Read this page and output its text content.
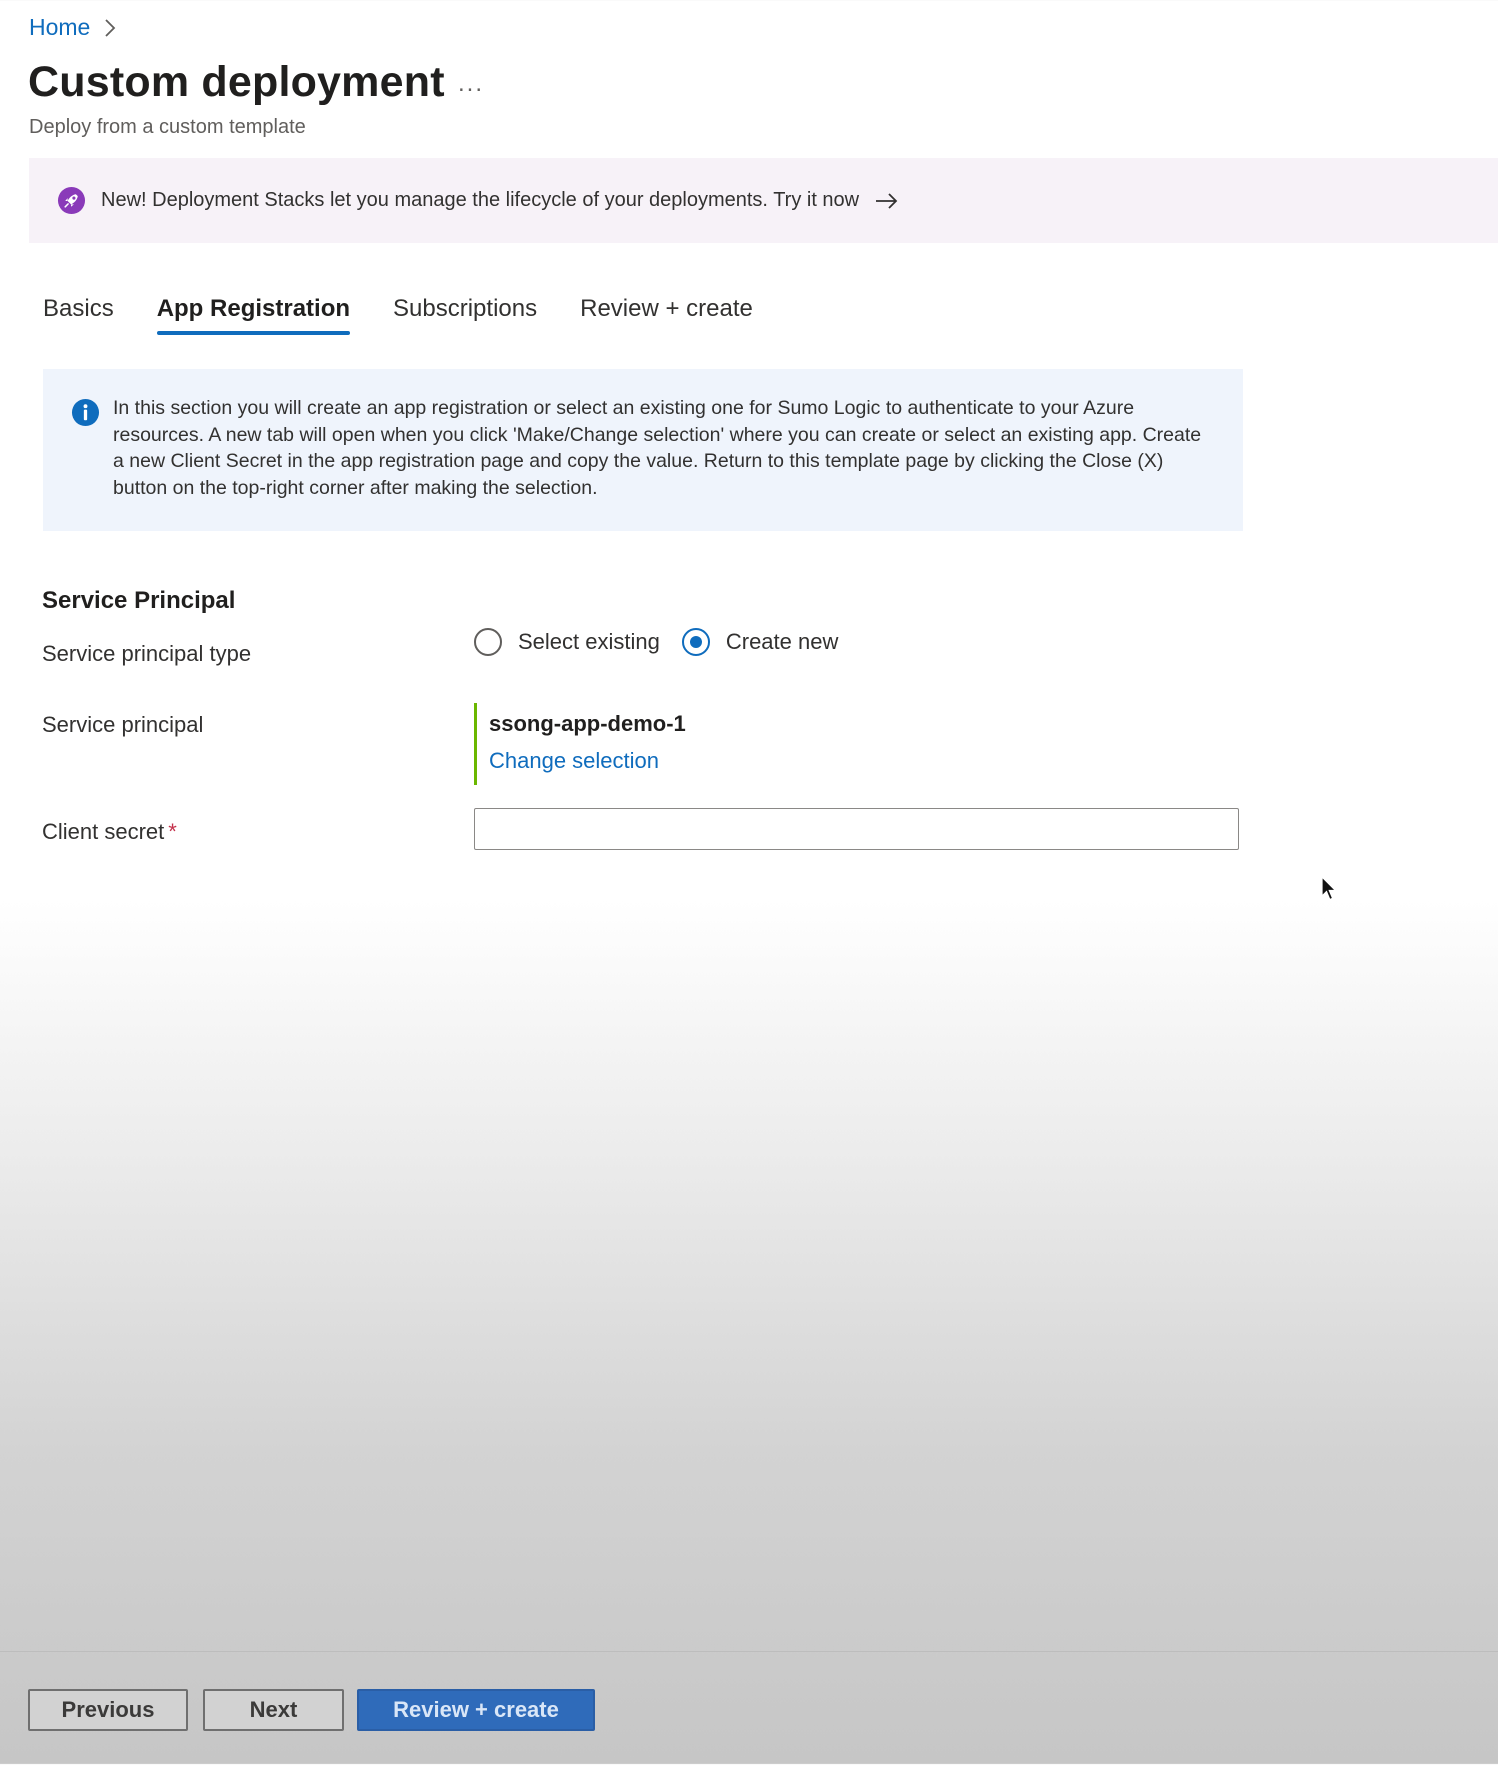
Home
Custom deployment ...
Deploy from a custom template
New! Deployment Stacks let you manage the lifecycle of your deployments. Try it now
Basics App Registration Subscriptions Review + create
In this section you will create an app registration or select an existing one for Sumo Logic to authenticate to your Azure resources. A new tab will open when you click 'Make/Change selection' where you can create or select an existing app. Create a new Client Secret in the app registration page and copy the value. Return to this template page by clicking the Close (X) button on the top-right corner after making the selection.
Service Principal
Service principal type	Select existing	Create new
Service principal	ssong-app-demo-1
Change selection
Client secret *
Previous	Next	Review + create
